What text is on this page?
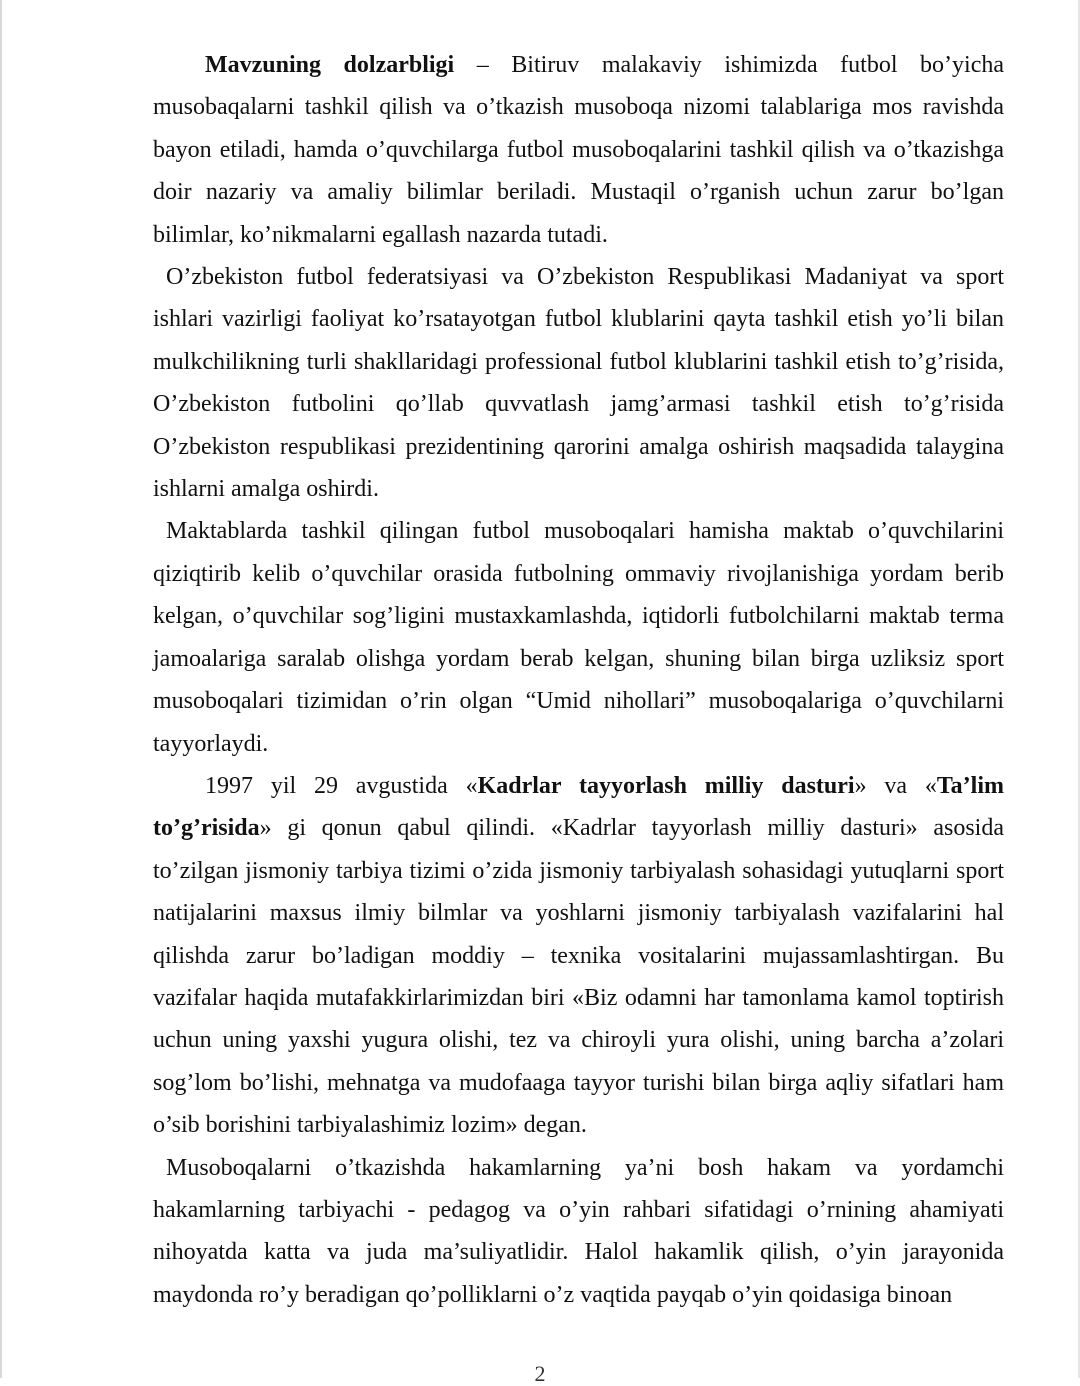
Mavzuning dolzarbligi – Bitiruv malakaviy ishimizda futbol bo’yicha musobaqalarni tashkil qilish va o’tkazish musoboqa nizomi talablariga mos ravishda bayon etiladi, hamda o’quvchilarga futbol musoboqalarini tashkil qilish va o’tkazishga doir nazariy va amaliy bilimlar beriladi. Mustaqil o’rganish uchun zarur bo’lgan bilimlar, ko’nikmalarni egallash nazarda tutadi.

O’zbekiston futbol federatsiyasi va O’zbekiston Respublikasi Madaniyat va sport ishlari vazirligi faoliyat ko’rsatayotgan futbol klublarini qayta tashkil etish yo’li bilan mulkchilikning turli shakllaridagi professional futbol klublarini tashkil etish to’g’risida, O’zbekiston futbolini qo’llab quvvatlash jamg’armasi tashkil etish to’g’risida O’zbekiston respublikasi prezidentining qarorini amalga oshirish maqsadida talaygina ishlarni amalga oshirdi.

Maktablarda tashkil qilingan futbol musoboqalari hamisha maktab o’quvchilarini qiziqtirib kelib o’quvchilar orasida futbolning ommaviy rivojlanishiga yordam berib kelgan, o’quvchilar sog’ligini mustaxkamlashda, iqtidorli futbolchilarni maktab terma jamoalariga saralab olishga yordam berab kelgan, shuning bilan birga uzliksiz sport musoboqalari tizimidan o’rin olgan “Umid nihollari” musoboqalariga o’quvchilarni tayyorlaydi.

1997 yil 29 avgustida «Kadrlar tayyorlash milliy dasturi» va «Ta’lim to’g’risida» gi qonun qabul qilindi. «Kadrlar tayyorlash milliy dasturi» asosida to’zilgan jismoniy tarbiya tizimi o’zida jismoniy tarbiyalash sohasidagi yutuqlarni sport natijalarini maxsus ilmiy bilmlar va yoshlarni jismoniy tarbiyalash vazifalarini hal qilishda zarur bo’ladigan moddiy – texnika vositalarini mujassamlashtirgan. Bu vazifalar haqida mutafakkirlarimizdan biri «Biz odamni har tamonlama kamol toptirish uchun uning yaxshi yugura olishi, tez va chiroyli yura olishi, uning barcha a’zolari sog’lom bo’lishi, mehnatga va mudofaaga tayyor turishi bilan birga aqliy sifatlari ham o’sib borishini tarbiyalashimiz lozim» degan.

Musoboqalarni o’tkazishda hakamlarning ya’ni bosh hakam va yordamchi hakamlarning tarbiyachi - pedagog va o’yin rahbari sifatidagi o’rnining ahamiyati nihoyatda katta va juda ma’suliyatlidir. Halol hakamlik qilish, o’yin jarayonida maydonda ro’y beradigan qo’polliklarni o’z vaqtida payqab o’yin qoidasiga binoan

2
